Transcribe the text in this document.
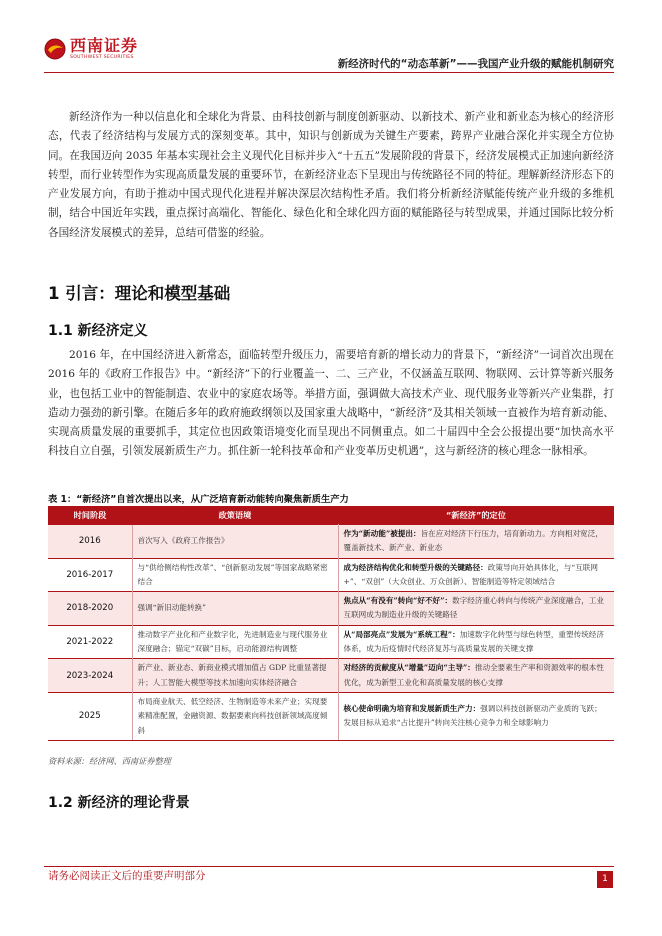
西南证券
SOUTHWEST SECURITIES
新经济时代的“动态革新”——我国产业升级的赋能机制研究

新经济作为一种以信息化和全球化为背景、由科技创新与制度创新驱动、以新技术、新产业和新业态为核心的经济形态，代表了经济结构与发展方式的深刻变革。其中，知识与创新成为关键生产要素，跨界产业融合深化并实现全方位协同。在我国迈向 2035 年基本实现社会主义现代化目标并步入“十五五”发展阶段的背景下，经济发展模式正加速向新经济转型，而行业转型作为实现高质量发展的重要环节，在新经济业态下呈现出与传统路径不同的特征。理解新经济形态下的产业发展方向，有助于推动中国式现代化进程并解决深层次结构性矛盾。我们将分析新经济赋能传统产业升级的多维机制，结合中国近年实践，重点探讨高端化、智能化、绿色化和全球化四方面的赋能路径与转型成果，并通过国际比较分析各国经济发展模式的差异，总结可借鉴的经验。

1 引言：理论和模型基础
1.1 新经济定义

2016 年，在中国经济进入新常态，面临转型升级压力，需要培育新的增长动力的背景下，“新经济”一词首次出现在 2016 年的《政府工作报告》中。“新经济”下的行业覆盖一、二、三产业，不仅涵盖互联网、物联网、云计算等新兴服务业，也包括工业中的智能制造、农业中的家庭农场等。举措方面，强调做大高技术产业、现代服务业等新兴产业集群，打造动力强劲的新引擎。在随后多年的政府施政纲领以及国家重大战略中，“新经济”及其相关领域一直被作为培育新动能、实现高质量发展的重要抓手，其定位也因政策语境变化而呈现出不同侧重点。如二十届四中全会公报提出要“加快高水平科技自立自强，引领发展新质生产力。抓住新一轮科技革命和产业变革历史机遇”，这与新经济的核心理念一脉相承。

表 1：“新经济”自首次提出以来，从广泛培育新动能转向聚焦新质生产力
时间阶段	政策语境	“新经济”的定位
2016	首次写入《政府工作报告》	作为“新动能”被提出：旨在应对经济下行压力，培育新动力。方向相对宽泛，覆盖新技术、新产业、新业态
2016-2017	与“供给侧结构性改革”、“创新驱动发展”等国家战略紧密结合	成为经济结构优化和转型升级的关键路径：政策导向开始具体化，与“互联网+”、“双创”（大众创业、万众创新）、智能制造等特定领域结合
2018-2020	强调“新旧动能转换”	焦点从“有没有”转向“好不好”：数字经济重心转向与传统产业深度融合，工业互联网成为制造业升级的关键路径
2021-2022	推动数字产业化和产业数字化，先进制造业与现代服务业深度融合；锚定“双碳”目标，启动能源结构调整	从“局部亮点”发展为“系统工程”：加速数字化转型与绿色转型，重塑传统经济体系，成为后疫情时代经济复苏与高质量发展的关键支撑
2023-2024	新产业、新业态、新商业模式增加值占 GDP 比重显著提升；人工智能大模型等技术加速向实体经济融合	对经济的贡献度从“增量”迈向“主导”：推动全要素生产率和资源效率的根本性优化，成为新型工业化和高质量发展的核心支撑
2025	布局商业航天、低空经济、生物制造等未来产业；实现要素精准配置，金融资源、数据要素向科技创新领域高度倾斜	核心使命明确为培育和发展新质生产力：强调以科技创新驱动产业质的飞跃；发展目标从追求“占比提升”转向关注核心竞争力和全球影响力
资料来源：经济网、西南证券整理
1.2 新经济的理论背景
请务必阅读正文后的重要声明部分	1
